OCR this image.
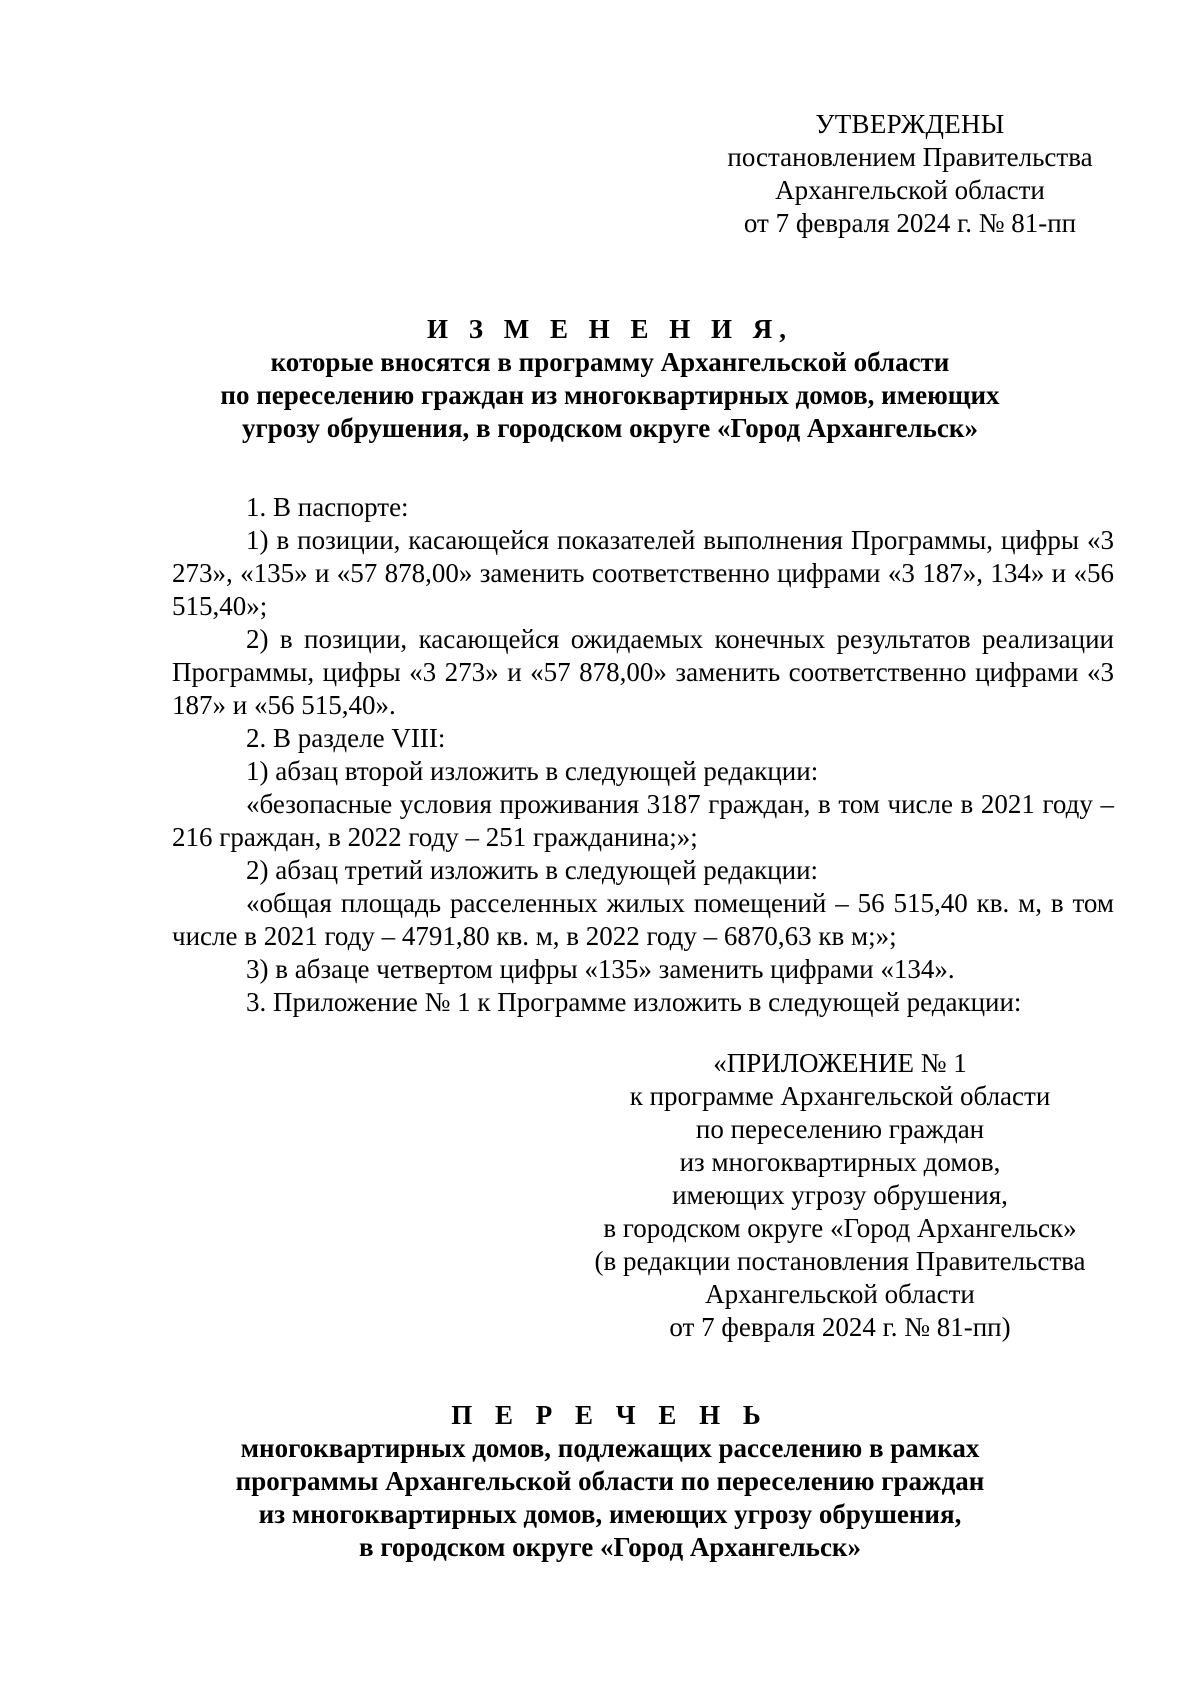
УТВЕРЖДЕНЫ
постановлением Правительства
Архангельской области
от 7 февраля 2024 г. № 81-пп
И З М Е Н Е Н И Я,
которые вносятся в программу Архангельской области
по переселению граждан из многоквартирных домов, имеющих
угрозу обрушения, в городском округе «Город Архангельск»

1. В паспорте:

1) в позиции, касающейся показателей выполнения Программы, цифры «3 273», «135» и «57 878,00» заменить соответственно цифрами «3 187», 134» и «56 515,40»;

2) в позиции, касающейся ожидаемых конечных результатов реализации Программы, цифры «3 273» и «57 878,00» заменить соответственно цифрами «3 187» и «56 515,40».

2. В разделе VIII:

1) абзац второй изложить в следующей редакции:

«безопасные условия проживания 3187 граждан, в том числе в 2021 году – 216 граждан, в 2022 году – 251 гражданина;»;

2) абзац третий изложить в следующей редакции:

«общая площадь расселенных жилых помещений – 56 515,40 кв. м, в том числе в 2021 году – 4791,80 кв. м, в 2022 году – 6870,63 кв м;»;

3) в абзаце четвертом цифры «135» заменить цифрами «134».

3. Приложение № 1 к Программе изложить в следующей редакции:

«ПРИЛОЖЕНИЕ № 1
к программе Архангельской области
по переселению граждан
из многоквартирных домов,
имеющих угрозу обрушения,
в городском округе «Город Архангельск»
(в редакции постановления Правительства
Архангельской области
от 7 февраля 2024 г. № 81-пп)
П Е Р Е Ч Е Н Ь
многоквартирных домов, подлежащих расселению в рамках
программы Архангельской области по переселению граждан
из многоквартирных домов, имеющих угрозу обрушения,
в городском округе «Город Архангельск»
